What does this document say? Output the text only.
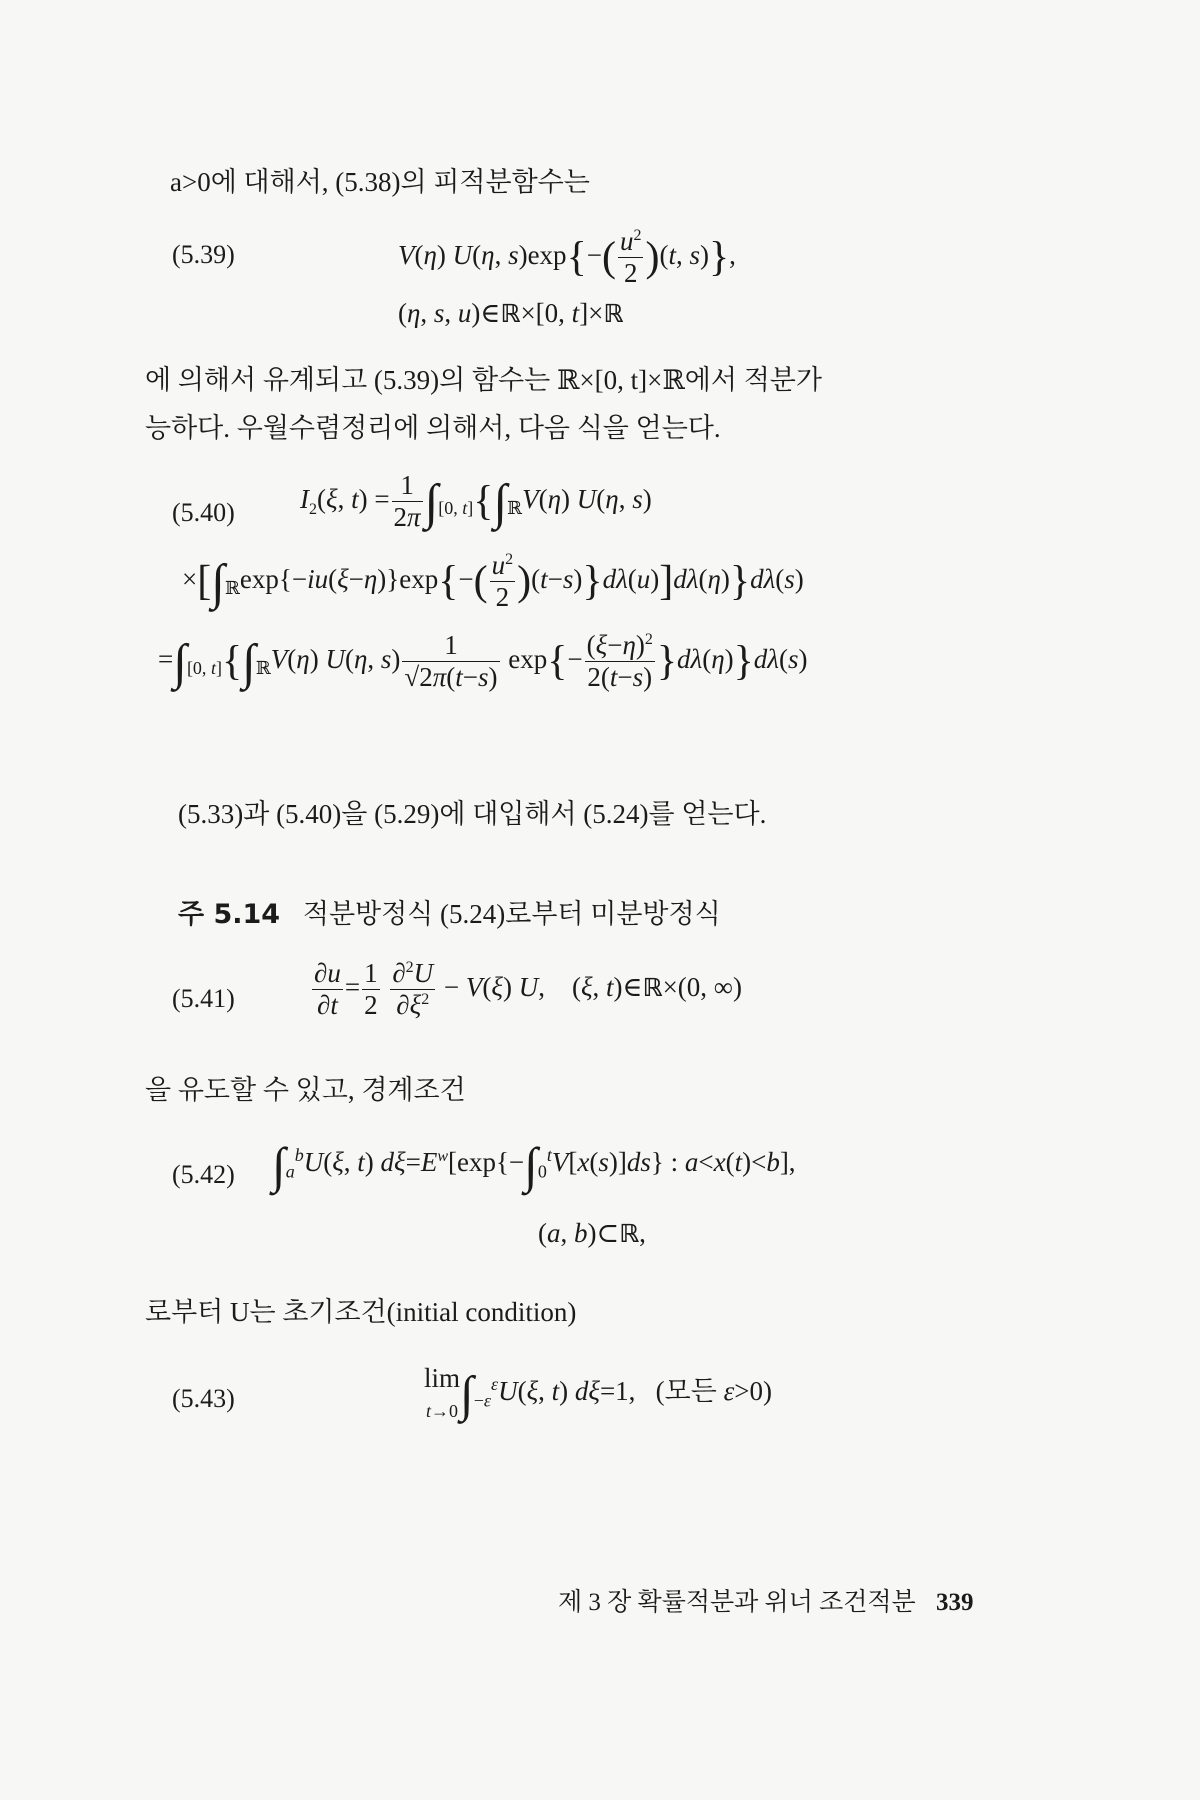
a>0에 대해서, (5.38)의 피적분함수는
(5.39)	V(η) U(η, $s)\exp\{-( \frac{u^2}{2} )(t$, s)},
(η, s, u)∈ℝ×[0, t]×ℝ
에 의해서 유계되고 (5.39)의 함수는 ℝ×[0, t]×ℝ에서 적분가
능하다. 우월수렴정리에 의해서, 다음 식을 얻는다.
(5.40) $I_2(\xi$, $t) = \frac{1}{2\pi} \int_{[0, t]}\{\int_ℝV(\eta)$ U(η, s)
$\times[\int_ℝ\exp\{-iu(\xi-\eta)\}\exp\{-( \frac{u^2}{2} )(t-s)\}d\lambda(u)]d\lambda(\eta)\}d\lambda(s)$
$=\int_{[0, t]}\{\int_ℝV(\eta)$ U(η, $s) \frac{1}{√2\pi(t-s)} \exp\{- \frac{(\xi-\eta)^2}{2(t-s)} \}d\lambda(\eta)\}d\lambda(s)$
(5.33)과 (5.40)을 (5.29)에 대입해서 (5.24)를 얻는다.
주 5.14 적분방정식 (5.24)로부터 미분방정식
(5.41)	$\frac{\partial u}{\partial t} = \frac{1}{2}$
$\frac{\partial^2U}{\partial\xi^2} - V(\xi)$ U,    (ξ, t)∈ℝ×(0, ∞)
을 유도할 수 있고, 경계조건
(5.42) $\int_a^bU(\xi$, t) $d\xi=E^w[\exp\{-\int_0^tV[x(s)]ds\}$ : a<x(t)<b],
(a, b)⊂ℝ,
로부터 U는 초기조건(initial condition)
(5.43)
lim
$t\to 0\int_{-\varepsilon}^\varepsilon U(\xi$, t) dξ=1,   (모든 ε>0)
제 3 장 확률적분과 위너 조건적분 339
